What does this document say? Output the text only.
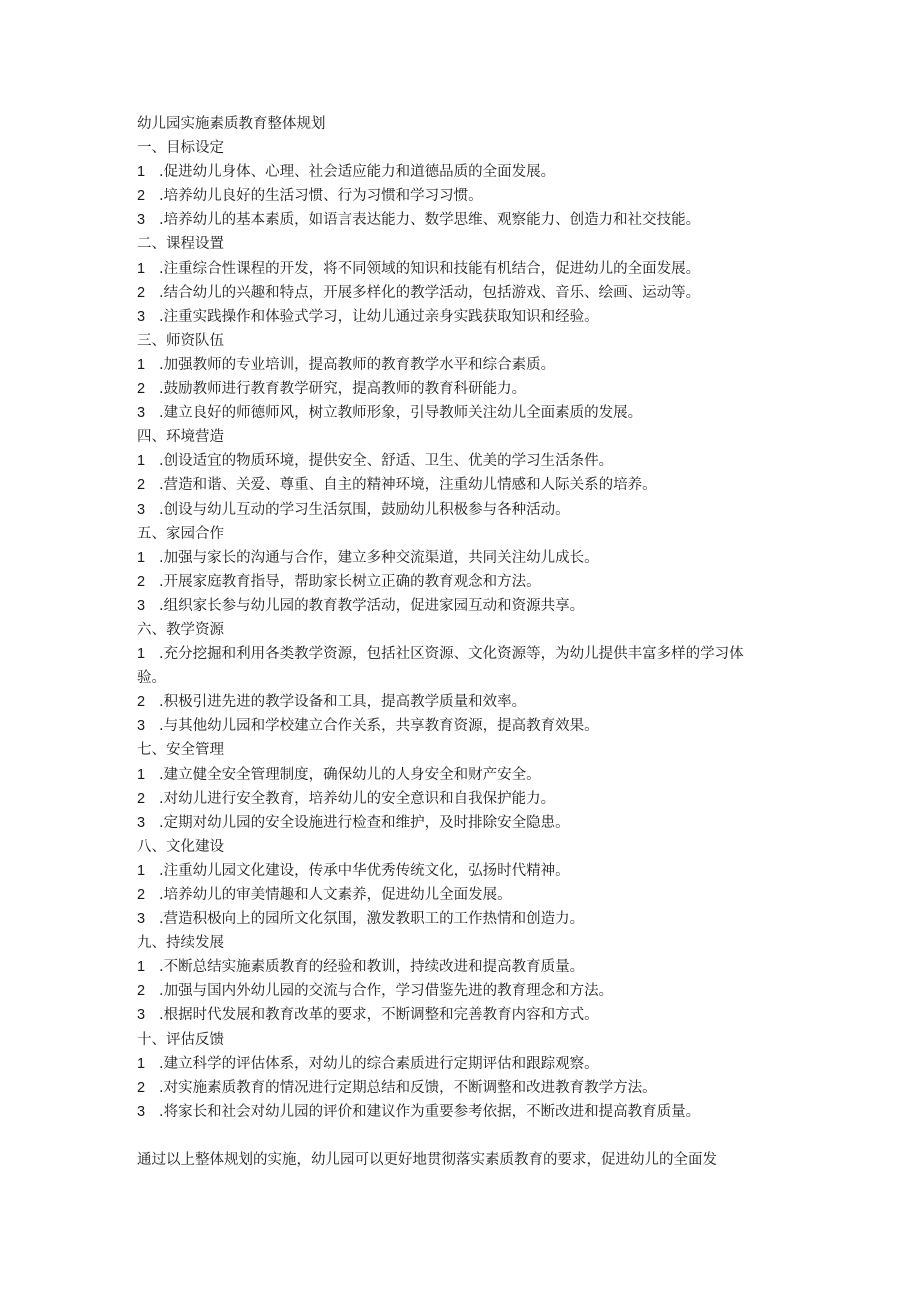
幼儿园实施素质教育整体规划
一、目标设定
1 .促进幼儿身体、心理、社会适应能力和道德品质的全面发展。
2 .培养幼儿良好的生活习惯、行为习惯和学习习惯。
3 .培养幼儿的基本素质，如语言表达能力、数学思维、观察能力、创造力和社交技能。
二、课程设置
1 .注重综合性课程的开发，将不同领域的知识和技能有机结合，促进幼儿的全面发展。
2 .结合幼儿的兴趣和特点，开展多样化的教学活动，包括游戏、音乐、绘画、运动等。
3 .注重实践操作和体验式学习，让幼儿通过亲身实践获取知识和经验。
三、师资队伍
1 .加强教师的专业培训，提高教师的教育教学水平和综合素质。
2 .鼓励教师进行教育教学研究，提高教师的教育科研能力。
3 .建立良好的师德师风，树立教师形象，引导教师关注幼儿全面素质的发展。
四、环境营造
1 .创设适宜的物质环境，提供安全、舒适、卫生、优美的学习生活条件。
2 .营造和谐、关爱、尊重、自主的精神环境，注重幼儿情感和人际关系的培养。
3 .创设与幼儿互动的学习生活氛围，鼓励幼儿积极参与各种活动。
五、家园合作
1 .加强与家长的沟通与合作，建立多种交流渠道，共同关注幼儿成长。
2 .开展家庭教育指导，帮助家长树立正确的教育观念和方法。
3 .组织家长参与幼儿园的教育教学活动，促进家园互动和资源共享。
六、教学资源
1 .充分挖掘和利用各类教学资源，包括社区资源、文化资源等，为幼儿提供丰富多样的学习体
验。
2 .积极引进先进的教学设备和工具，提高教学质量和效率。
3 .与其他幼儿园和学校建立合作关系，共享教育资源，提高教育效果。
七、安全管理
1 .建立健全安全管理制度，确保幼儿的人身安全和财产安全。
2 .对幼儿进行安全教育，培养幼儿的安全意识和自我保护能力。
3 .定期对幼儿园的安全设施进行检查和维护，及时排除安全隐患。
八、文化建设
1 .注重幼儿园文化建设，传承中华优秀传统文化，弘扬时代精神。
2 .培养幼儿的审美情趣和人文素养，促进幼儿全面发展。
3 .营造积极向上的园所文化氛围，激发教职工的工作热情和创造力。
九、持续发展
1 .不断总结实施素质教育的经验和教训，持续改进和提高教育质量。
2 .加强与国内外幼儿园的交流与合作，学习借鉴先进的教育理念和方法。
3 .根据时代发展和教育改革的要求，不断调整和完善教育内容和方式。
十、评估反馈
1 .建立科学的评估体系，对幼儿的综合素质进行定期评估和跟踪观察。
2 .对实施素质教育的情况进行定期总结和反馈，不断调整和改进教育教学方法。
3 .将家长和社会对幼儿园的评价和建议作为重要参考依据，不断改进和提高教育质量。
通过以上整体规划的实施，幼儿园可以更好地贯彻落实素质教育的要求，促进幼儿的全面发
